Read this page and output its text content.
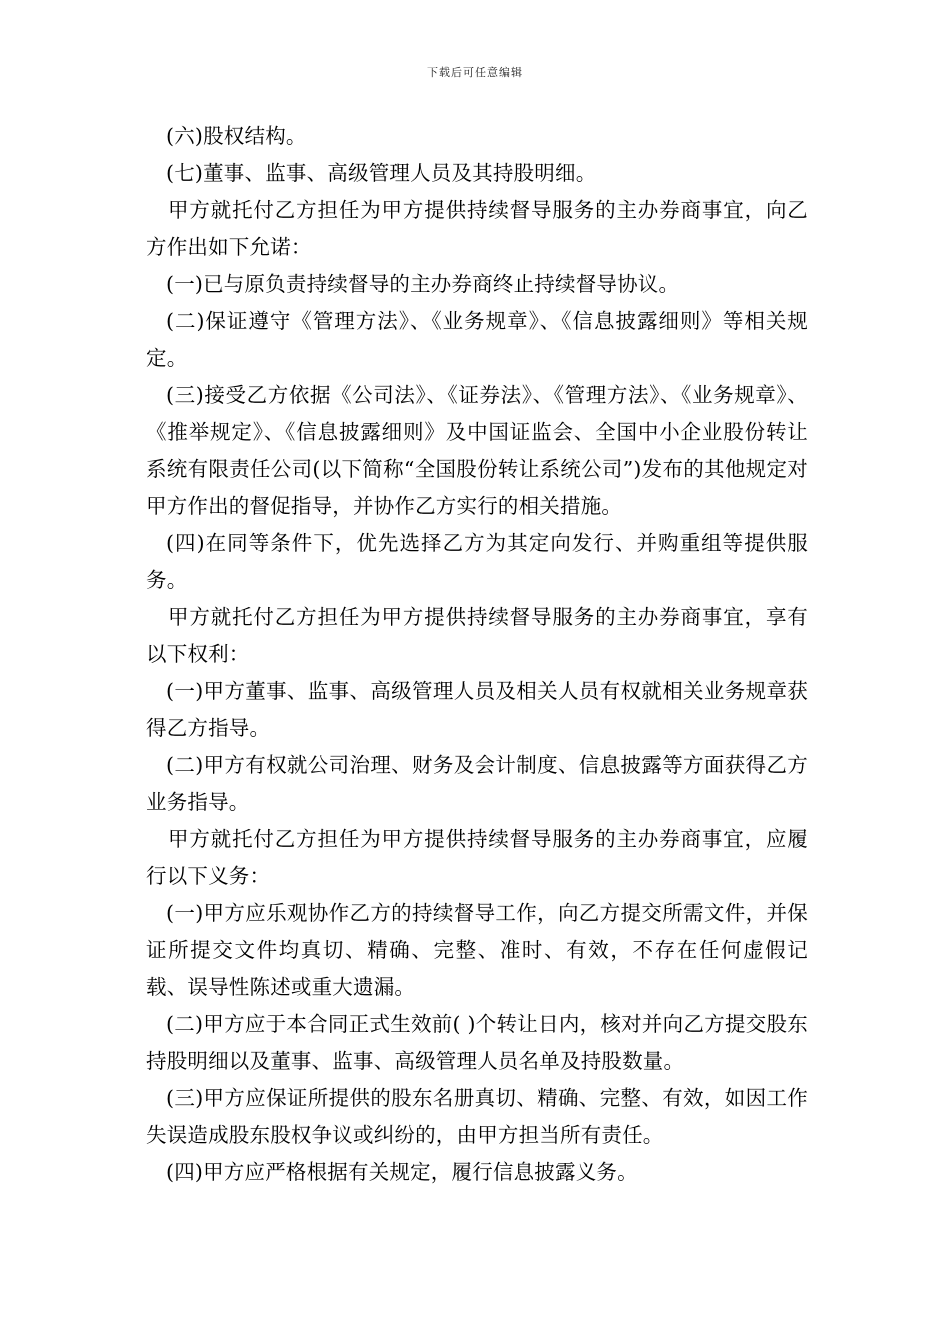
下载后可任意编辑

(六)股权结构。

(七)董事、监事、高级管理人员及其持股明细。

甲方就托付乙方担任为甲方提供持续督导服务的主办券商事宜，向乙方作出如下允诺：

(一)已与原负责持续督导的主办券商终止持续督导协议。

(二)保证遵守《管理方法》、《业务规章》、《信息披露细则》等相关规定。

(三)接受乙方依据《公司法》、《证券法》、《管理方法》、《业务规章》、《推举规定》、《信息披露细则》及中国证监会、全国中小企业股份转让系统有限责任公司(以下简称“全国股份转让系统公司”)发布的其他规定对甲方作出的督促指导，并协作乙方实行的相关措施。

(四)在同等条件下，优先选择乙方为其定向发行、并购重组等提供服务。

甲方就托付乙方担任为甲方提供持续督导服务的主办券商事宜，享有以下权利：

(一)甲方董事、监事、高级管理人员及相关人员有权就相关业务规章获得乙方指导。

(二)甲方有权就公司治理、财务及会计制度、信息披露等方面获得乙方业务指导。

甲方就托付乙方担任为甲方提供持续督导服务的主办券商事宜，应履行以下义务：

(一)甲方应乐观协作乙方的持续督导工作，向乙方提交所需文件，并保证所提交文件均真切、精确、完整、准时、有效，不存在任何虚假记载、误导性陈述或重大遗漏。

(二)甲方应于本合同正式生效前( )个转让日内，核对并向乙方提交股东持股明细以及董事、监事、高级管理人员名单及持股数量。

(三)甲方应保证所提供的股东名册真切、精确、完整、有效，如因工作失误造成股东股权争议或纠纷的，由甲方担当所有责任。

(四)甲方应严格根据有关规定，履行信息披露义务。
